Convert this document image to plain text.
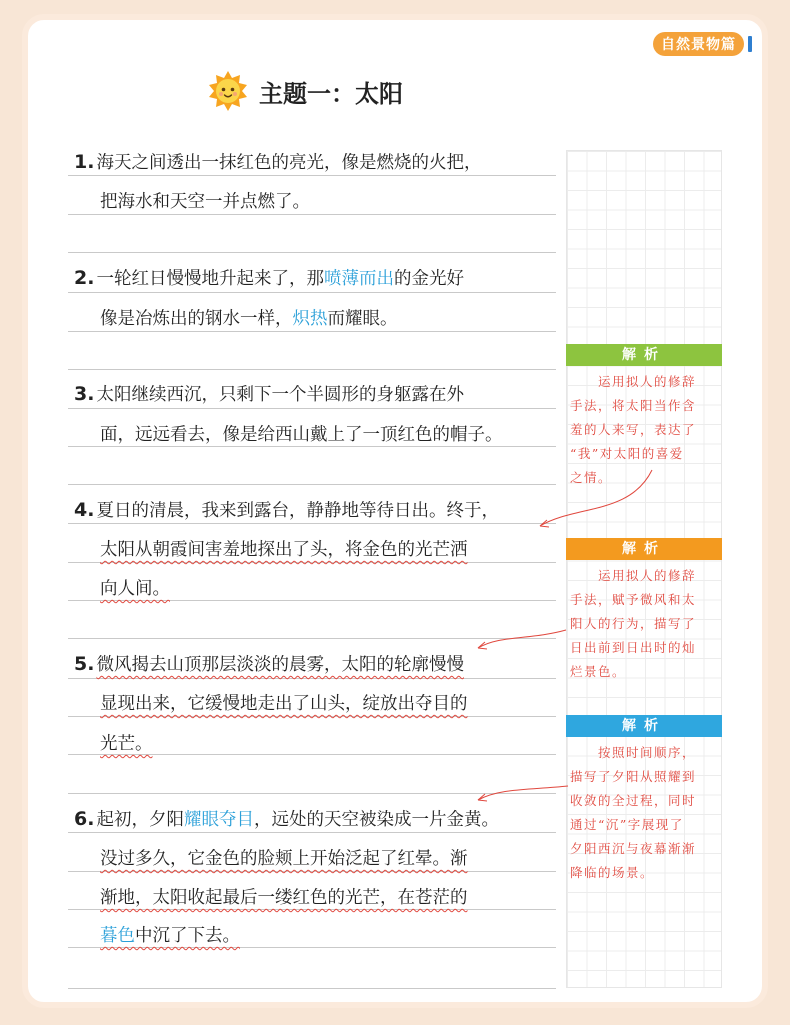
自然景物篇
主题一：太阳
1. 海天之间透出一抹红色的亮光，像是燃烧的火把，
把海水和天空一并点燃了。
2. 一轮红日慢慢地升起来了，那喷薄而出的金光好
像是冶炼出的钢水一样，炽热而耀眼。
3. 太阳继续西沉，只剩下一个半圆形的身躯露在外
面，远远看去，像是给西山戴上了一顶红色的帽子。
4. 夏日的清晨，我来到露台，静静地等待日出。终于，
太阳从朝霞间害羞地探出了头，将金色的光芒洒
向人间。
5. 微风揭去山顶那层淡淡的晨雾，太阳的轮廓慢慢
显现出来，它缓慢地走出了山头，绽放出夺目的
光芒。
6. 起初，夕阳耀眼夺目，远处的天空被染成一片金黄。
没过多久，它金色的脸颊上开始泛起了红晕。渐
渐地，太阳收起最后一缕红色的光芒，在苍茫的
暮色中沉了下去。
解析
　　运用拟人的修辞
手法，将太阳当作含
羞的人来写，表达了
“我”对太阳的喜爱
之情。
解析
　　运用拟人的修辞
手法，赋予微风和太
阳人的行为，描写了
日出前到日出时的灿
烂景色。
解析
　　按照时间顺序，
描写了夕阳从照耀到
收敛的全过程，同时
通过“沉”字展现了
夕阳西沉与夜幕渐渐
降临的场景。
